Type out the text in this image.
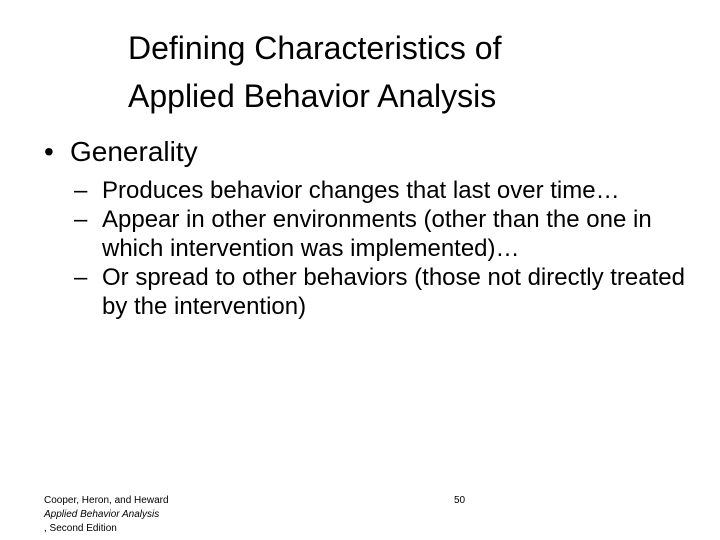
Defining Characteristics of
Applied Behavior Analysis
• Generality
– Produces behavior changes that last over time…
– Appear in other environments (other than the one in which intervention was implemented)…
– Or spread to other behaviors (those not directly treated by the intervention)
Cooper, Heron, and Heward
Applied Behavior Analysis
, Second Edition
50
